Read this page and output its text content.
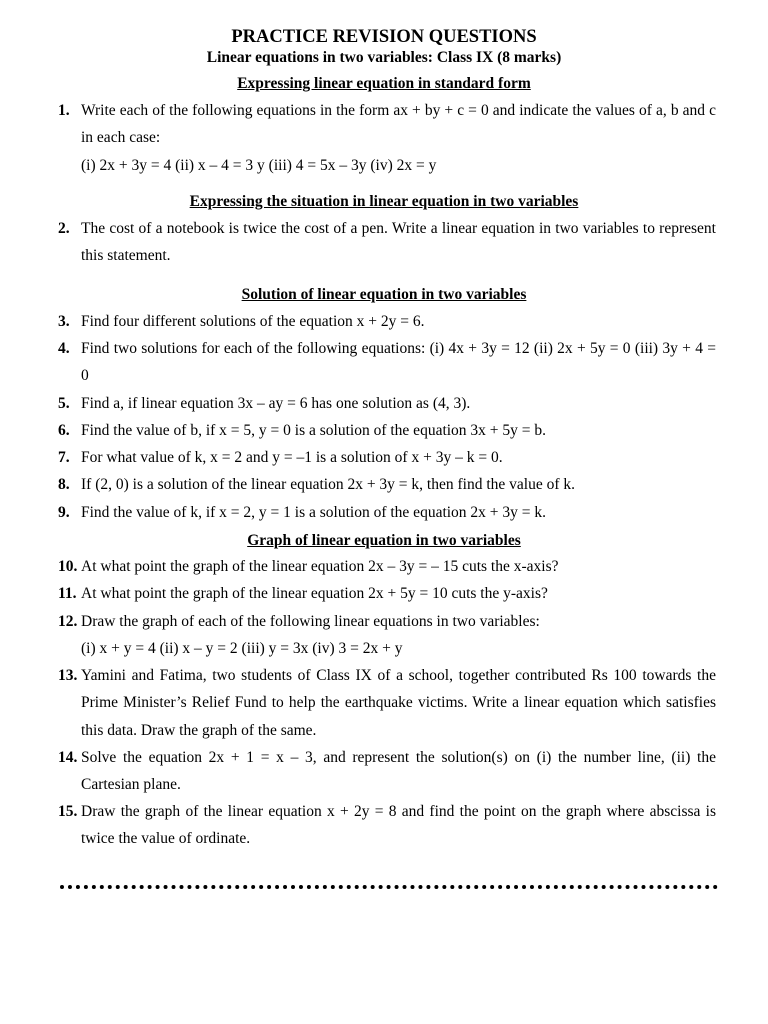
PRACTICE REVISION QUESTIONS
Linear equations in two variables: Class IX (8 marks)
Expressing linear equation in standard form
1. Write each of the following equations in the form ax + by + c = 0 and indicate the values of a, b and c in each case:
(i) 2x + 3y = 4 (ii) x – 4 = 3 y (iii) 4 = 5x – 3y (iv) 2x = y
Expressing the situation in linear equation in two variables
2. The cost of a notebook is twice the cost of a pen. Write a linear equation in two variables to represent this statement.
Solution of linear equation in two variables
3. Find four different solutions of the equation x + 2y = 6.
4. Find two solutions for each of the following equations: (i) 4x + 3y = 12 (ii) 2x + 5y = 0 (iii) 3y + 4 = 0
5. Find a, if linear equation 3x – ay = 6 has one solution as (4, 3).
6. Find the value of b, if x = 5, y = 0 is a solution of the equation 3x + 5y = b.
7. For what value of k, x = 2 and y = –1 is a solution of x + 3y – k = 0.
8. If (2, 0) is a solution of the linear equation 2x + 3y = k, then find the value of k.
9. Find the value of k, if x = 2, y = 1 is a solution of the equation 2x + 3y = k.
Graph of linear equation in two variables
10. At what point the graph of the linear equation 2x – 3y = – 15 cuts the x-axis?
11. At what point the graph of the linear equation 2x + 5y = 10 cuts the y-axis?
12. Draw the graph of each of the following linear equations in two variables:
(i) x + y = 4 (ii) x – y = 2 (iii) y = 3x (iv) 3 = 2x + y
13. Yamini and Fatima, two students of Class IX of a school, together contributed Rs 100 towards the Prime Minister’s Relief Fund to help the earthquake victims. Write a linear equation which satisfies this data. Draw the graph of the same.
14. Solve the equation 2x + 1 = x – 3, and represent the solution(s) on (i) the number line, (ii) the Cartesian plane.
15. Draw the graph of the linear equation x + 2y = 8 and find the point on the graph where abscissa is twice the value of ordinate.
